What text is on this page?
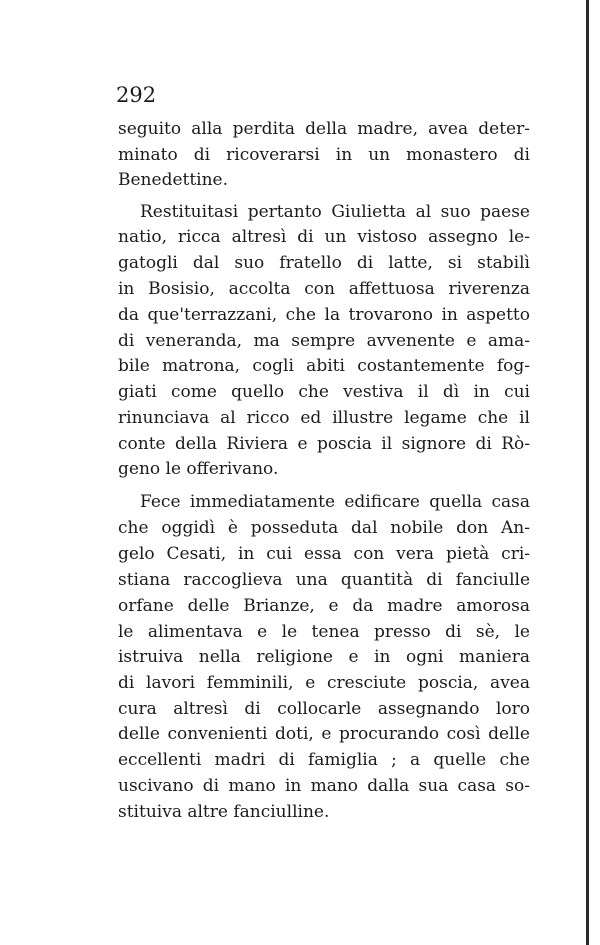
292
seguito alla perdita della madre, avea deter-
minato di ricoverarsi in un monastero di
Benedettine.
Restituitasi pertanto Giulietta al suo paese
natio, ricca altresì di un vistoso assegno le-
gatogli dal suo fratello di latte, si stabilì
in Bosisio, accolta con affettuosa riverenza
da que'terrazzani, che la trovarono in aspetto
di veneranda, ma sempre avvenente e ama-
bile matrona, cogli abiti costantemente fog-
giati come quello che vestiva il dì in cui
rinunciava al ricco ed illustre legame che il
conte della Riviera e poscia il signore di Rò-
geno le offerivano.
Fece immediatamente edificare quella casa
che oggidì è posseduta dal nobile don An-
gelo Cesati, in cui essa con vera pietà cri-
stiana raccoglieva una quantità di fanciulle
orfane delle Brianze, e da madre amorosa
le alimentava e le tenea presso di sè, le
istruiva nella religione e in ogni maniera
di lavori femminili, e cresciute poscia, avea
cura altresì di collocarle assegnando loro
delle convenienti doti, e procurando così delle
eccellenti madri di famiglia ; a quelle che
uscivano di mano in mano dalla sua casa so-
stituiva altre fanciulline.
